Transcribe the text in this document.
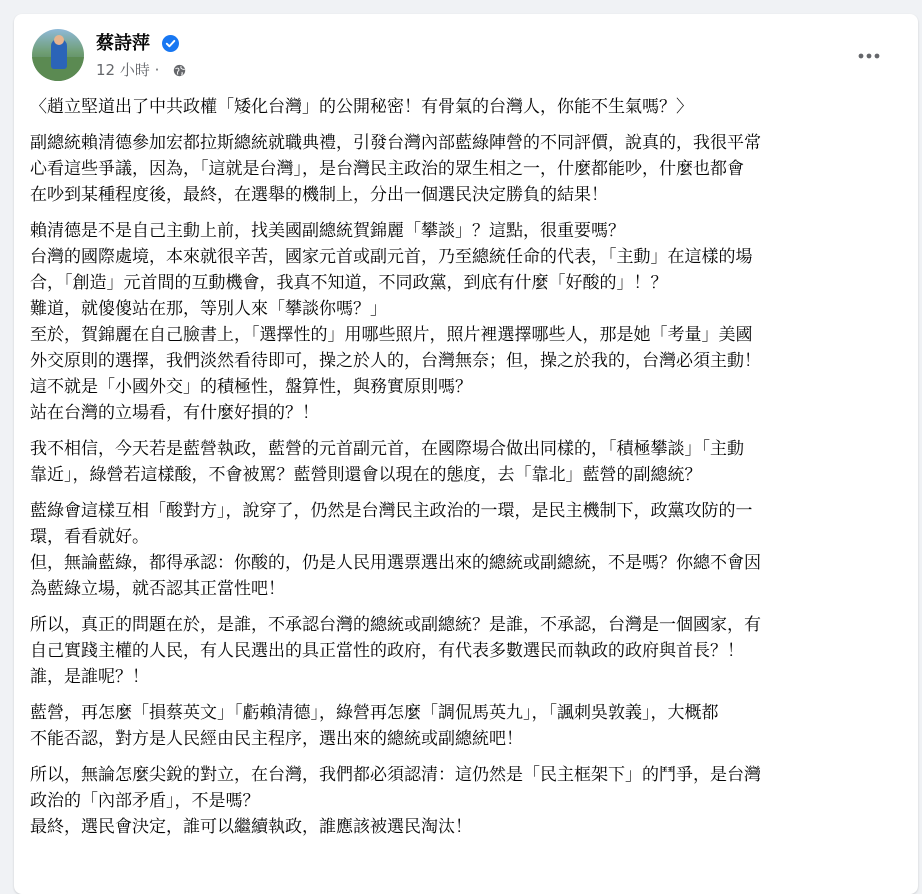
蔡詩萍
12 小時 ·
〈趙立堅道出了中共政權「矮化台灣」的公開秘密！有骨氣的台灣人，你能不生氣嗎？〉
副總統賴清德參加宏都拉斯總統就職典禮，引發台灣內部藍綠陣營的不同評價，說真的，我很平常
心看這些爭議，因為，「這就是台灣」，是台灣民主政治的眾生相之一，什麼都能吵，什麼也都會
在吵到某種程度後，最終，在選舉的機制上，分出一個選民決定勝負的結果！
賴清德是不是自己主動上前，找美國副總統賀錦麗「攀談」？這點，很重要嗎？
台灣的國際處境，本來就很辛苦，國家元首或副元首，乃至總統任命的代表，「主動」在這樣的場
合，「創造」元首間的互動機會，我真不知道，不同政黨，到底有什麼「好酸的」！？
難道，就傻傻站在那，等別人來「攀談你嗎？」
至於，賀錦麗在自己臉書上，「選擇性的」用哪些照片，照片裡選擇哪些人，那是她「考量」美國
外交原則的選擇，我們淡然看待即可，操之於人的，台灣無奈；但，操之於我的，台灣必須主動！
這不就是「小國外交」的積極性，盤算性，與務實原則嗎？
站在台灣的立場看，有什麼好損的？！
我不相信，今天若是藍營執政，藍營的元首副元首，在國際場合做出同樣的，「積極攀談」「主動
靠近」，綠營若這樣酸，不會被罵？藍營則還會以現在的態度，去「靠北」藍營的副總統？
藍綠會這樣互相「酸對方」，說穿了，仍然是台灣民主政治的一環，是民主機制下，政黨攻防的一
環，看看就好。
但，無論藍綠，都得承認：你酸的，仍是人民用選票選出來的總統或副總統，不是嗎？你總不會因
為藍綠立場，就否認其正當性吧！
所以，真正的問題在於，是誰，不承認台灣的總統或副總統？是誰，不承認，台灣是一個國家，有
自己實踐主權的人民，有人民選出的具正當性的政府，有代表多數選民而執政的政府與首長？！
誰，是誰呢？！
藍營，再怎麼「損蔡英文」「虧賴清德」，綠營再怎麼「調侃馬英九」，「諷刺吳敦義」，大概都
不能否認，對方是人民經由民主程序，選出來的總統或副總統吧！
所以，無論怎麼尖銳的對立，在台灣，我們都必須認清：這仍然是「民主框架下」的鬥爭，是台灣
政治的「內部矛盾」，不是嗎？
最終，選民會決定，誰可以繼續執政，誰應該被選民淘汰！
